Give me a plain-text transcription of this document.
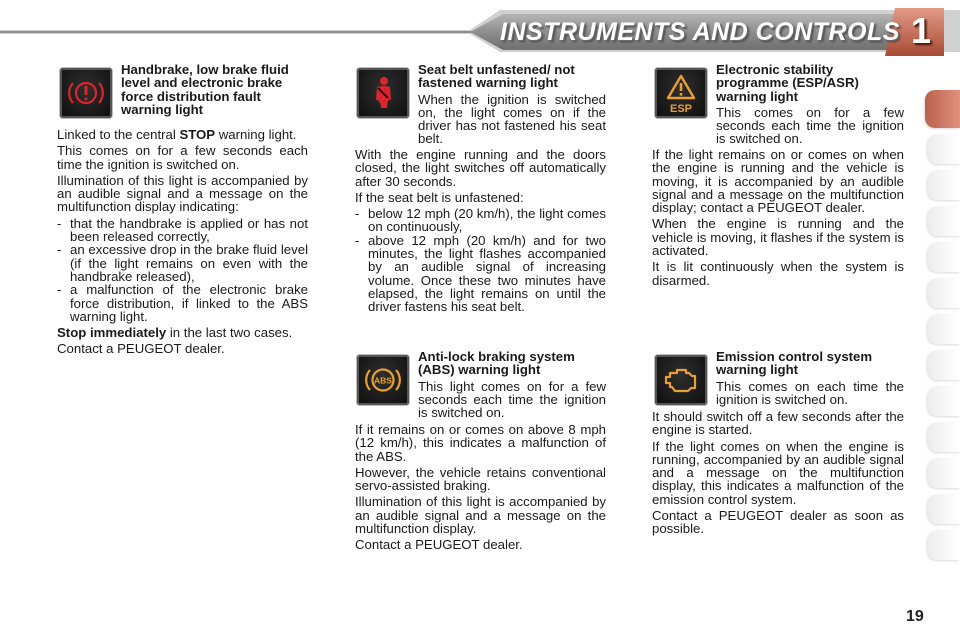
INSTRUMENTS AND CONTROLS 1
Handbrake, low brake fluid level and electronic brake force distribution fault warning light

Linked to the central STOP warning light.

This comes on for a few seconds each time the ignition is switched on.

Illumination of this light is accompanied by an audible signal and a message on the multifunction display indicating:

- that the handbrake is applied or has not been released correctly,
- an excessive drop in the brake fluid level (if the light remains on even with the handbrake released),
- a malfunction of the electronic brake force distribution, if linked to the ABS warning light.

Stop immediately in the last two cases.

Contact a PEUGEOT dealer.

Seat belt unfastened/ not fastened warning light

When the ignition is switched on, the light comes on if the driver has not fastened his seat belt.

With the engine running and the doors closed, the light switches off automatically after 30 seconds.

If the seat belt is unfastened:

- below 12 mph (20 km/h), the light comes on continuously,
- above 12 mph (20 km/h) and for two minutes, the light flashes accompanied by an audible signal of increasing volume. Once these two minutes have elapsed, the light remains on until the driver fastens his seat belt.
ABS
Anti-lock braking system (ABS) warning light

This light comes on for a few seconds each time the ignition is switched on.

If it remains on or comes on above 8 mph (12 km/h), this indicates a malfunction of the ABS.

However, the vehicle retains conventional servo-assisted braking.

Illumination of this light is accompanied by an audible signal and a message on the multifunction display.

Contact a PEUGEOT dealer.

ESP
Electronic stability programme (ESP/ASR) warning light

This comes on for a few seconds each time the ignition is switched on.

If the light remains on or comes on when the engine is running and the vehicle is moving, it is accompanied by an audible signal and a message on the multifunction display; contact a PEUGEOT dealer.

When the engine is running and the vehicle is moving, it flashes if the system is activated.

It is lit continuously when the system is disarmed.

Emission control system warning light

This comes on each time the ignition is switched on.

It should switch off a few seconds after the engine is started.

If the light comes on when the engine is running, accompanied by an audible signal and a message on the multifunction display, this indicates a malfunction of the emission control system.

Contact a PEUGEOT dealer as soon as possible.

19
